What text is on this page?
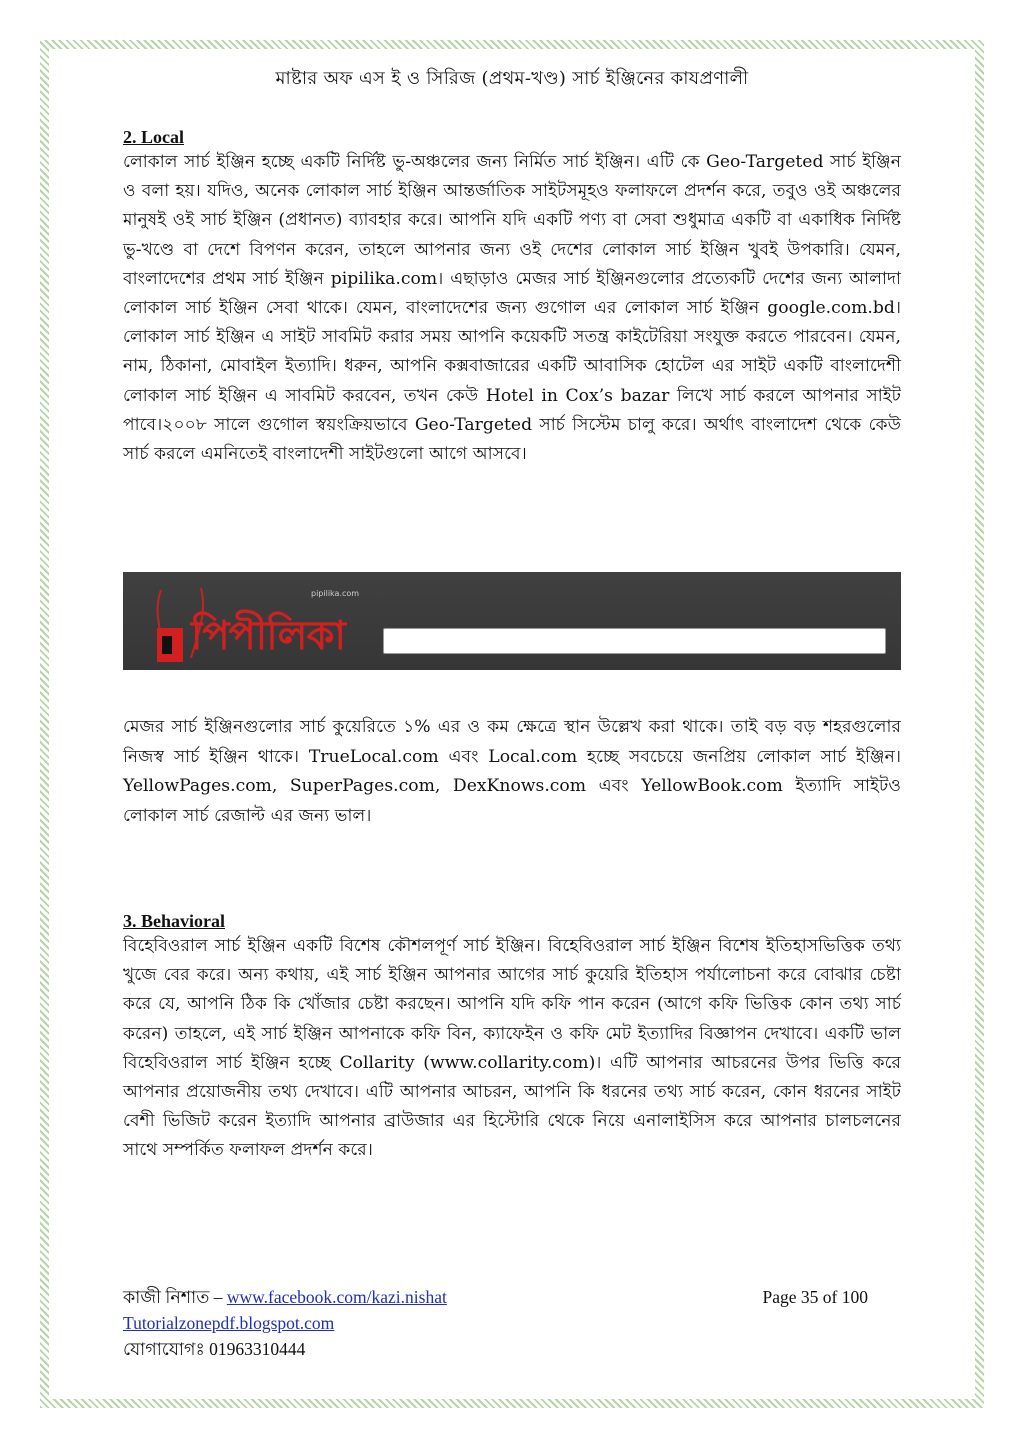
মাষ্টার অফ এস ই ও সিরিজ (প্রথম-খণ্ড) সার্চ ইঞ্জিনের কাযপ্রণালী
2. Local

লোকাল সার্চ ইঞ্জিন হচ্ছে একটি নির্দিষ্ট ভু-অঞ্চলের জন্য নির্মিত সার্চ ইঞ্জিন। এটি কে Geo-Targeted সার্চ ইঞ্জিন ও বলা হয়। যদিও, অনেক লোকাল সার্চ ইঞ্জিন আন্তর্জাতিক সাইটসমূহও ফলাফলে প্রদর্শন করে, তবুও ওই অঞ্চলের মানুষই ওই সার্চ ইঞ্জিন (প্রধানত) ব্যাবহার করে। আপনি যদি একটি পণ্য বা সেবা শুধুমাত্র একটি বা একাধিক নির্দিষ্ট ভু-খণ্ডে বা দেশে বিপণন করেন, তাহলে আপনার জন্য ওই দেশের লোকাল সার্চ ইঞ্জিন খুবই উপকারি। যেমন, বাংলাদেশের প্রথম সার্চ ইঞ্জিন pipilika.com। এছাড়াও মেজর সার্চ ইঞ্জিনগুলোর প্রত্যেকটি দেশের জন্য আলাদা লোকাল সার্চ ইঞ্জিন সেবা থাকে। যেমন, বাংলাদেশের জন্য গুগোল এর লোকাল সার্চ ইঞ্জিন google.com.bd। লোকাল সার্চ ইঞ্জিন এ সাইট সাবমিট করার সময় আপনি কয়েকটি সতন্ত্র কাইটেরিয়া সংযুক্ত করতে পারবেন। যেমন, নাম, ঠিকানা, মোবাইল ইত্যাদি। ধরুন, আপনি কক্সবাজারের একটি আবাসিক হোটেল এর সাইট একটি বাংলাদেশী লোকাল সার্চ ইঞ্জিন এ সাবমিট করবেন, তখন কেউ Hotel in Cox’s bazar লিখে সার্চ করলে আপনার সাইট পাবে।২০০৮ সালে গুগোল স্বয়ংক্রিয়ভাবে Geo-Targeted সার্চ সিস্টেম চালু করে। অর্থাৎ বাংলাদেশ থেকে কেউ সার্চ করলে এমনিতেই বাংলাদেশী সাইটগুলো আগে আসবে।

পিপীলিকা
pipilika.com

মেজর সার্চ ইঞ্জিনগুলোর সার্চ কুয়েরিতে ১% এর ও কম ক্ষেত্রে স্থান উল্লেখ করা থাকে। তাই বড় বড় শহরগুলোর নিজস্ব সার্চ ইঞ্জিন থাকে। TrueLocal.com এবং Local.com হচ্ছে সবচেয়ে জনপ্রিয় লোকাল সার্চ ইঞ্জিন। YellowPages.com, SuperPages.com, DexKnows.com এবং YellowBook.com ইত্যাদি সাইটও লোকাল সার্চ রেজাল্ট এর জন্য ভাল।

3. Behavioral

বিহেবিওরাল সার্চ ইঞ্জিন একটি বিশেষ কৌশলপূর্ণ সার্চ ইঞ্জিন। বিহেবিওরাল সার্চ ইঞ্জিন বিশেষ ইতিহাসভিত্তিক তথ্য খুজে বের করে। অন্য কথায়, এই সার্চ ইঞ্জিন আপনার আগের সার্চ কুয়েরি ইতিহাস পর্যালোচনা করে বোঝার চেষ্টা করে যে, আপনি ঠিক কি খোঁজার চেষ্টা করছেন। আপনি যদি কফি পান করেন (আগে কফি ভিত্তিক কোন তথ্য সার্চ করেন) তাহলে, এই সার্চ ইঞ্জিন আপনাকে কফি বিন, ক্যাফেইন ও কফি মেট ইত্যাদির বিজ্ঞাপন দেখাবে। একটি ভাল বিহেবিওরাল সার্চ ইঞ্জিন হচ্ছে Collarity (www.collarity.com)। এটি আপনার আচরনের উপর ভিত্তি করে আপনার প্রয়োজনীয় তথ্য দেখাবে। এটি আপনার আচরন, আপনি কি ধরনের তথ্য সার্চ করেন, কোন ধরনের সাইট বেশী ভিজিট করেন ইত্যাদি আপনার ব্রাউজার এর হিস্টোরি থেকে নিয়ে এনালাইসিস করে আপনার চালচলনের সাথে সম্পর্কিত ফলাফল প্রদর্শন করে।

কাজী নিশাত – www.facebook.com/kazi.nishat	Page 35 of 100
Tutorialzonepdf.blogspot.com
যোগাযোগঃ 01963310444
